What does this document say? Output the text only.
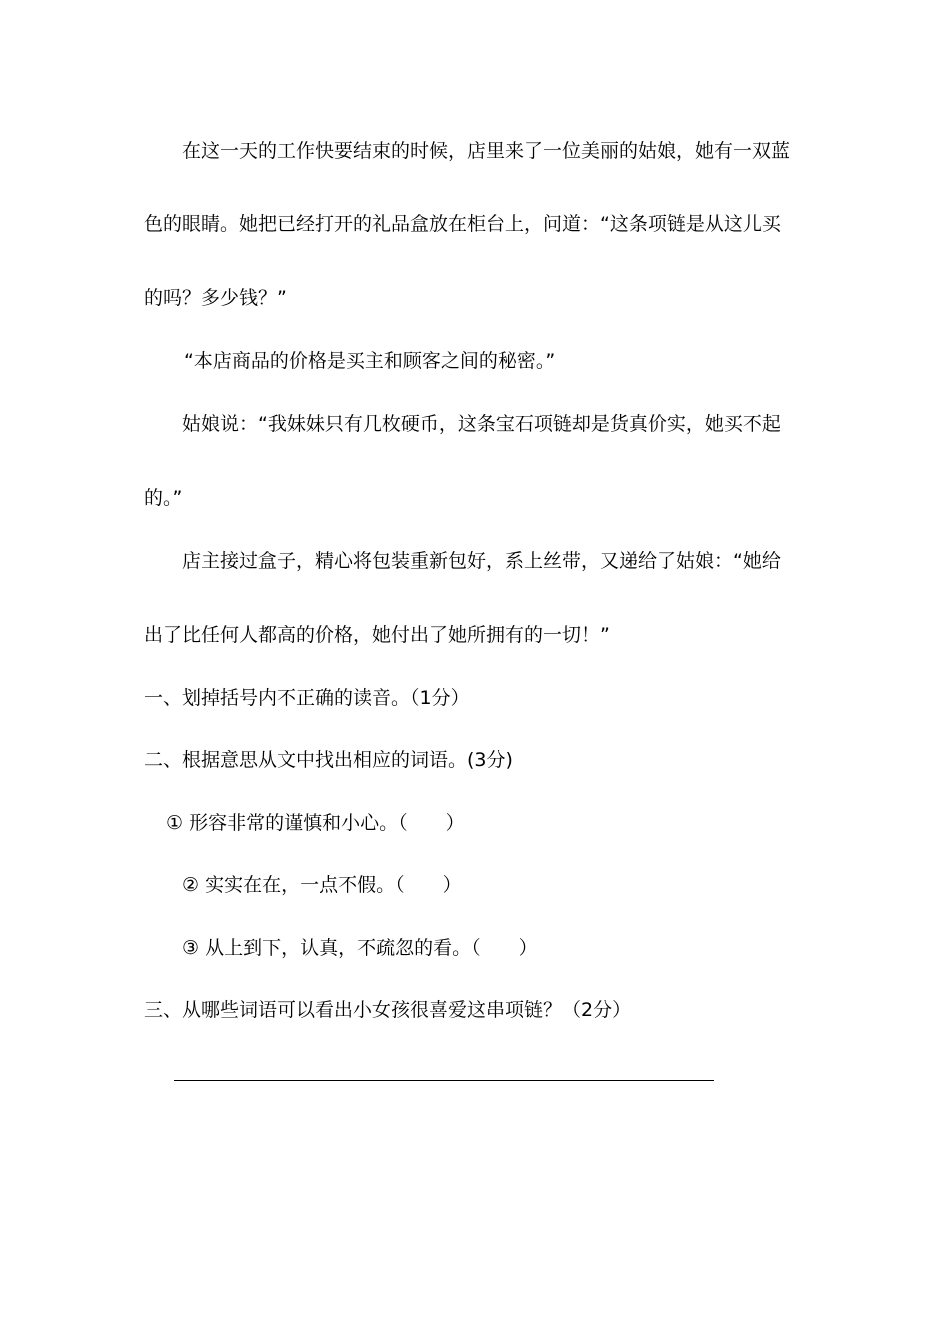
在这一天的工作快要结束的时候，店里来了一位美丽的姑娘，她有一双蓝

色的眼睛。她把已经打开的礼品盒放在柜台上，问道：“这条项链是从这儿买

的吗？多少钱？”

“本店商品的价格是买主和顾客之间的秘密。”

姑娘说：“我妹妹只有几枚硬币，这条宝石项链却是货真价实，她买不起

的。”

店主接过盒子，精心将包装重新包好，系上丝带，又递给了姑娘：“她给

出了比任何人都高的价格，她付出了她所拥有的一切！”

一、划掉括号内不正确的读音。（1分）

二、根据意思从文中找出相应的词语。(3分)

① 形容非常的谨慎和小心。（　　）

② 实实在在，一点不假。（　　）

③ 从上到下，认真，不疏忽的看。（　　）

三、从哪些词语可以看出小女孩很喜爱这串项链？（2分）
